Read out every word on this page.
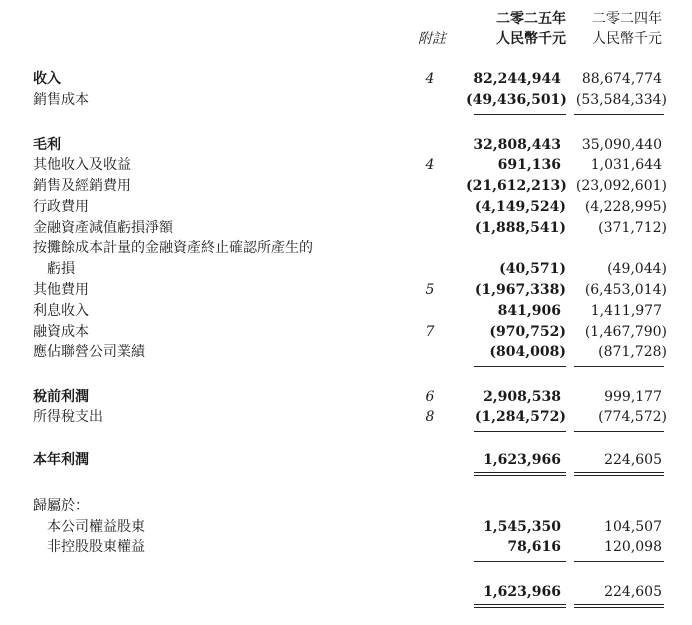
二零二五年
人民幣千元
二零二四年
人民幣千元
附註
收入	4	82,244,944	88,674,774
銷售成本	(49,436,501) (53,584,334)
毛利	32,808,443	35,090,440
其他收入及收益	4	691,136	1,031,644
銷售及經銷費用	(21,612,213) (23,092,601)
行政費用	(4,149,524)	(4,228,995)
金融資產減值虧損淨額	(1,888,541)	(371,712)
按攤餘成本計量的金融資產終止確認所產生的
虧損	(40,571)	(49,044)
其他費用	5	(1,967,338)	(6,453,014)
利息收入	841,906	1,411,977
融資成本	7	(970,752)	(1,467,790)
應佔聯營公司業績	(804,008)	(871,728)
稅前利潤	6	2,908,538	999,177
所得稅支出	8	(1,284,572)	(774,572)
本年利潤	1,623,966	224,605
歸屬於：
本公司權益股東	1,545,350	104,507
非控股股東權益	78,616	120,098
1,623,966	224,605
